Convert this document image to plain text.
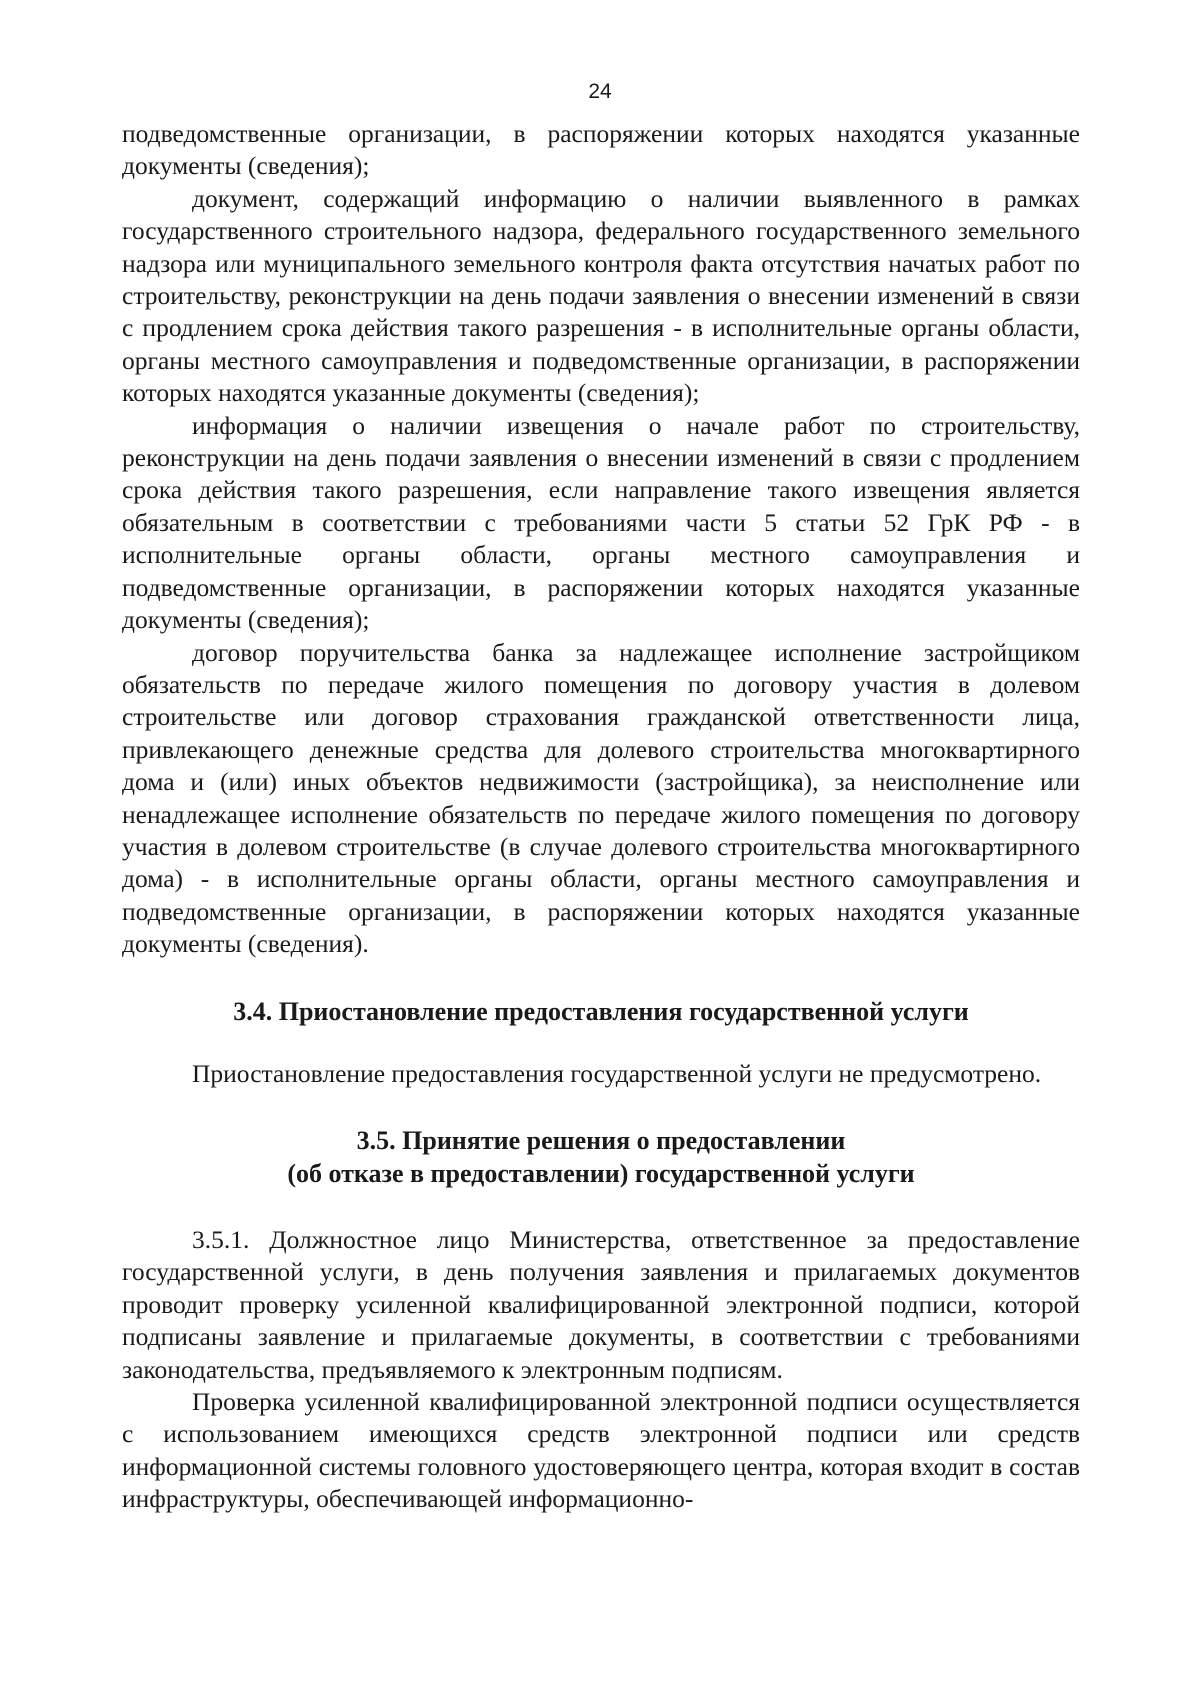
24

подведомственные организации, в распоряжении которых находятся указанные документы (сведения);

документ, содержащий информацию о наличии выявленного в рамках государственного строительного надзора, федерального государственного земельного надзора или муниципального земельного контроля факта отсутствия начатых работ по строительству, реконструкции на день подачи заявления о внесении изменений в связи с продлением срока действия такого разрешения - в исполнительные органы области, органы местного самоуправления и подведомственные организации, в распоряжении которых находятся указанные документы (сведения);

информация о наличии извещения о начале работ по строительству, реконструкции на день подачи заявления о внесении изменений в связи с продлением срока действия такого разрешения, если направление такого извещения является обязательным в соответствии с требованиями части 5 статьи 52 ГрК РФ - в исполнительные органы области, органы местного самоуправления и подведомственные организации, в распоряжении которых находятся указанные документы (сведения);

договор поручительства банка за надлежащее исполнение застройщиком обязательств по передаче жилого помещения по договору участия в долевом строительстве или договор страхования гражданской ответственности лица, привлекающего денежные средства для долевого строительства многоквартирного дома и (или) иных объектов недвижимости (застройщика), за неисполнение или ненадлежащее исполнение обязательств по передаче жилого помещения по договору участия в долевом строительстве (в случае долевого строительства многоквартирного дома) - в исполнительные органы области, органы местного самоуправления и подведомственные организации, в распоряжении которых находятся указанные документы (сведения).

3.4. Приостановление предоставления государственной услуги

Приостановление предоставления государственной услуги не предусмотрено.

3.5. Принятие решения о предоставлении
(об отказе в предоставлении) государственной услуги

3.5.1. Должностное лицо Министерства, ответственное за предоставление государственной услуги, в день получения заявления и прилагаемых документов проводит проверку усиленной квалифицированной электронной подписи, которой подписаны заявление и прилагаемые документы, в соответствии с требованиями законодательства, предъявляемого к электронным подписям.

Проверка усиленной квалифицированной электронной подписи осуществляется с использованием имеющихся средств электронной подписи или средств информационной системы головного удостоверяющего центра, которая входит в состав инфраструктуры, обеспечивающей информационно-
